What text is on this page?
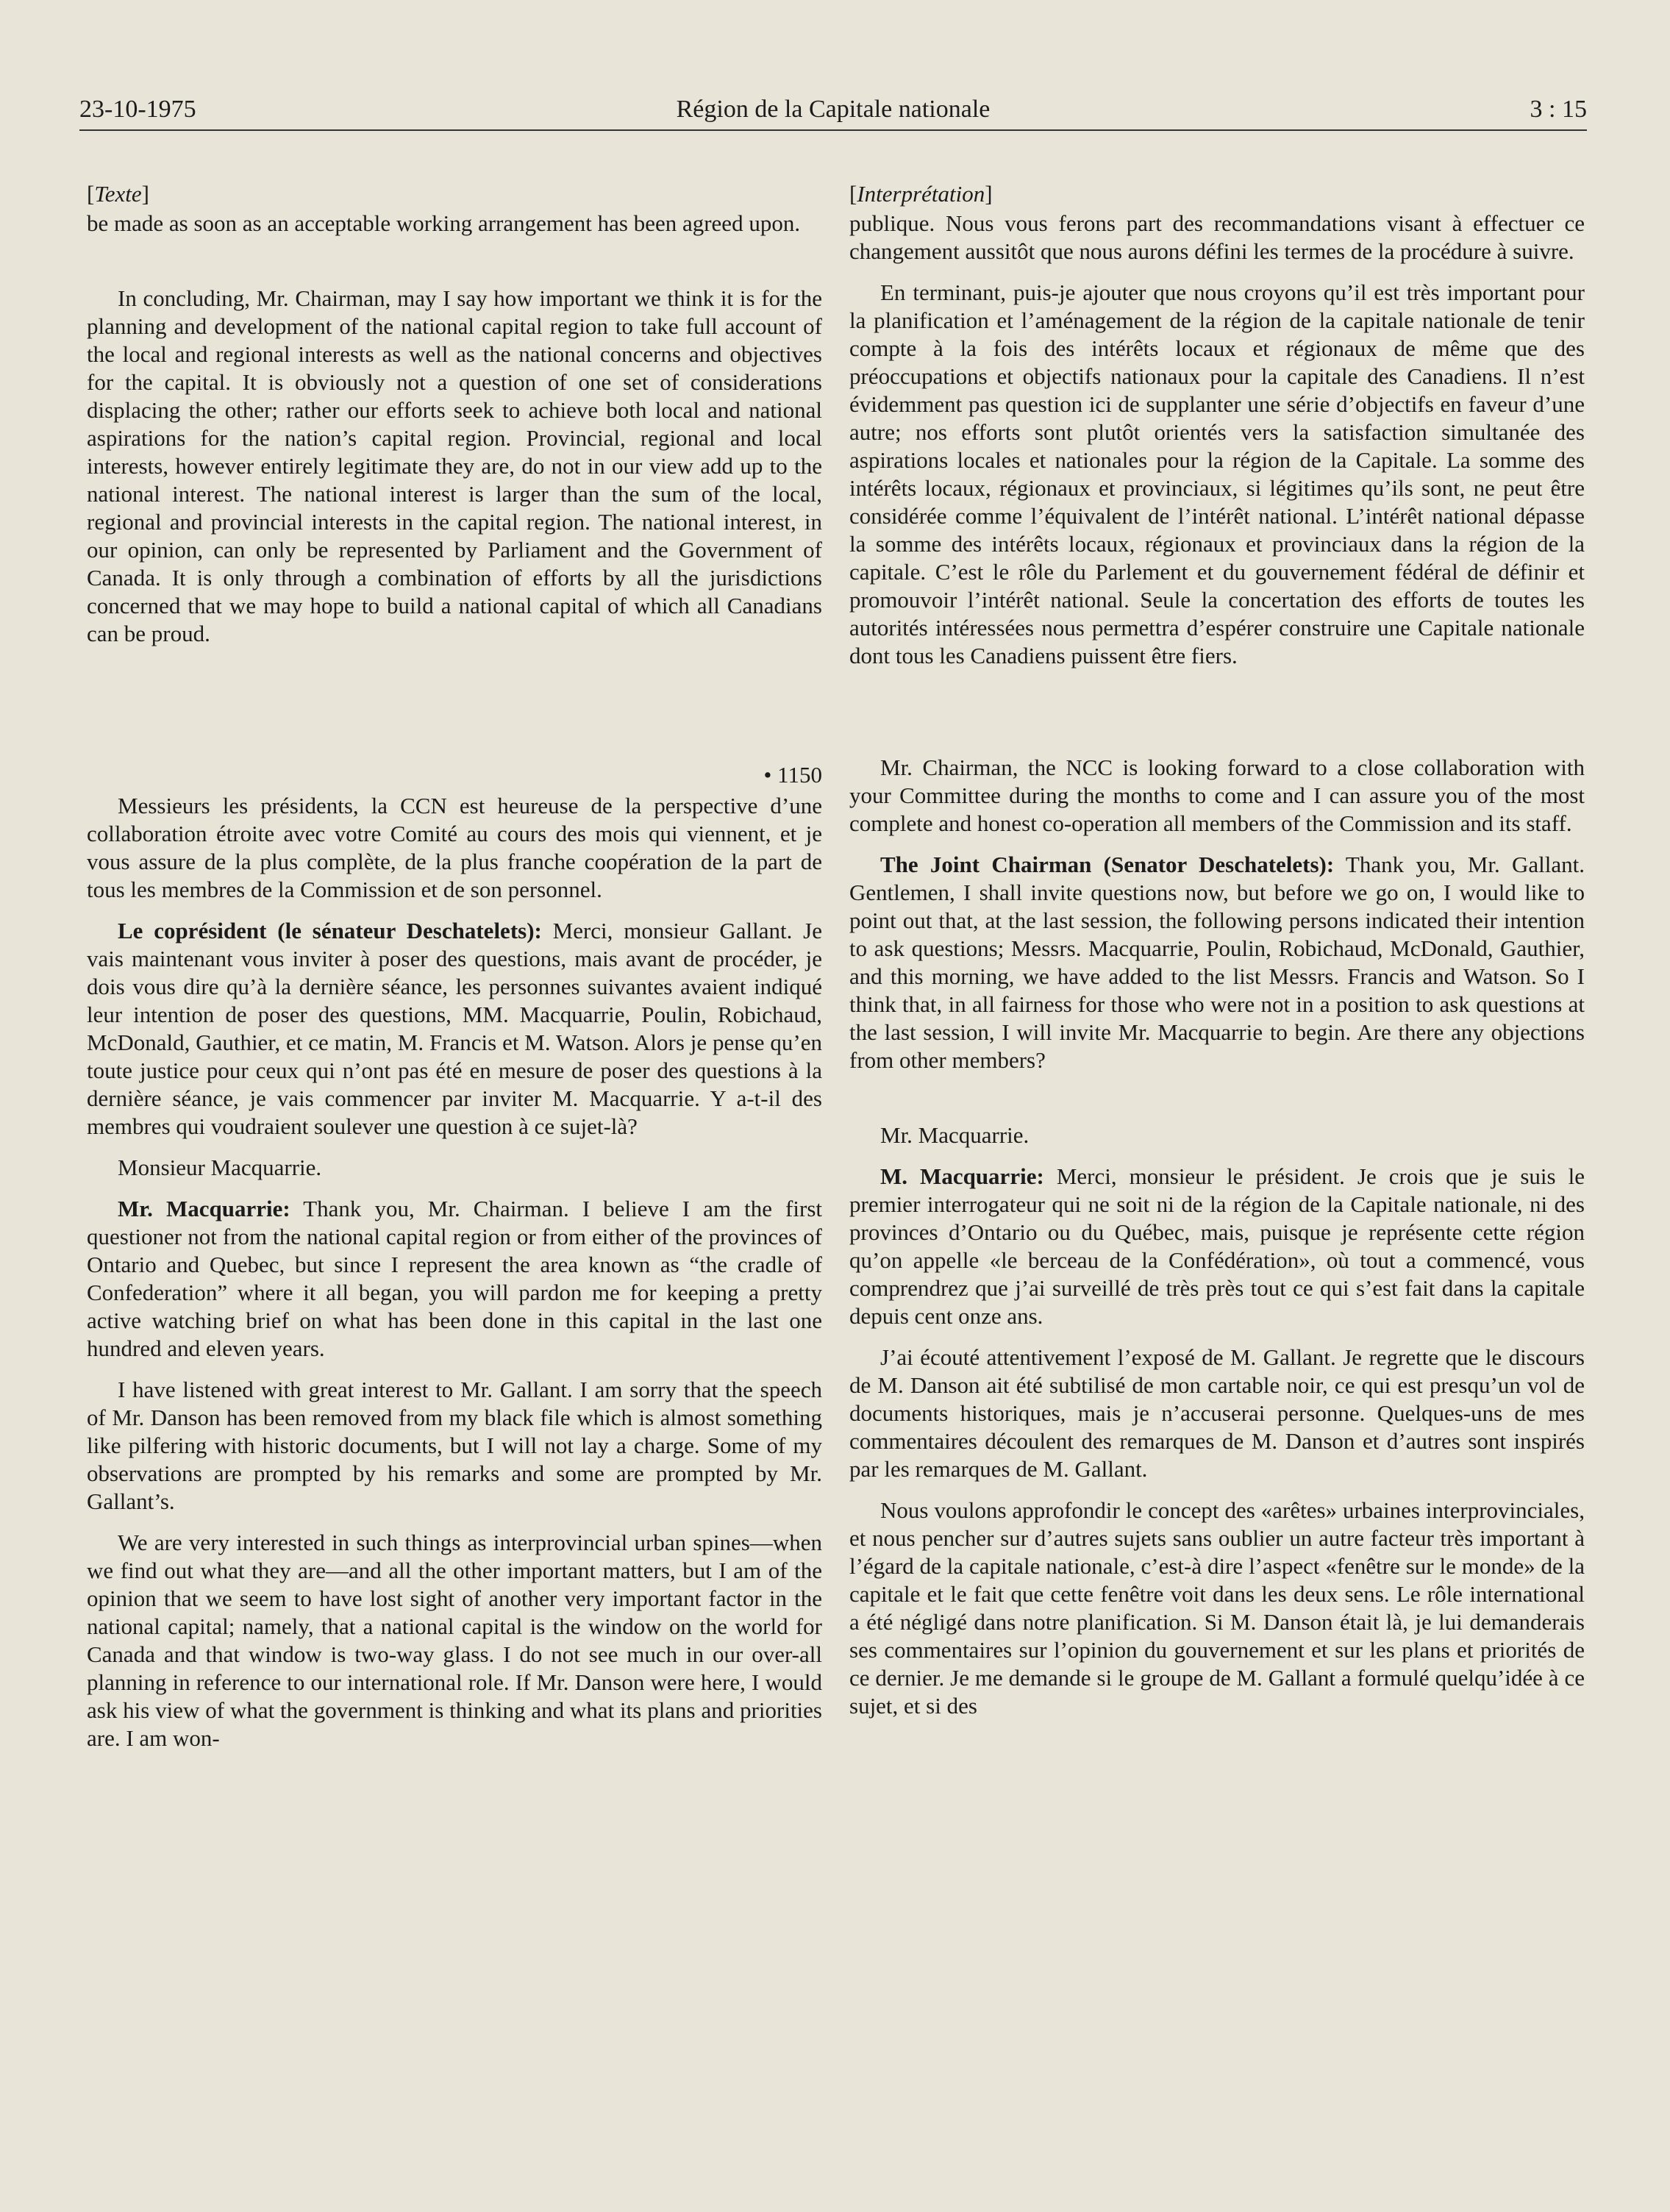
23-10-1975	Région de la Capitale nationale	3 : 15
[Texte]

be made as soon as an acceptable working arrangement has been agreed upon.

In concluding, Mr. Chairman, may I say how important we think it is for the planning and development of the national capital region to take full account of the local and regional interests as well as the national concerns and objectives for the capital. It is obviously not a question of one set of considerations displacing the other; rather our efforts seek to achieve both local and national aspirations for the nation’s capital region. Provincial, regional and local interests, however entirely legitimate they are, do not in our view add up to the national interest. The national interest is larger than the sum of the local, regional and provincial interests in the capital region. The national interest, in our opinion, can only be represented by Parliament and the Government of Canada. It is only through a combination of efforts by all the jurisdictions concerned that we may hope to build a national capital of which all Canadians can be proud.

• 1150

Messieurs les présidents, la CCN est heureuse de la perspective d’une collaboration étroite avec votre Comité au cours des mois qui viennent, et je vous assure de la plus complète, de la plus franche coopération de la part de tous les membres de la Commission et de son personnel.

Le coprésident (le sénateur Deschatelets): Merci, monsieur Gallant. Je vais maintenant vous inviter à poser des questions, mais avant de procéder, je dois vous dire qu’à la dernière séance, les personnes suivantes avaient indiqué leur intention de poser des questions, MM. Macquarrie, Poulin, Robichaud, McDonald, Gauthier, et ce matin, M. Francis et M. Watson. Alors je pense qu’en toute justice pour ceux qui n’ont pas été en mesure de poser des questions à la dernière séance, je vais commencer par inviter M. Macquarrie. Y a-t-il des membres qui voudraient soulever une question à ce sujet-là?

Monsieur Macquarrie.

Mr. Macquarrie: Thank you, Mr. Chairman. I believe I am the first questioner not from the national capital region or from either of the provinces of Ontario and Quebec, but since I represent the area known as “the cradle of Confederation” where it all began, you will pardon me for keeping a pretty active watching brief on what has been done in this capital in the last one hundred and eleven years.

I have listened with great interest to Mr. Gallant. I am sorry that the speech of Mr. Danson has been removed from my black file which is almost something like pilfering with historic documents, but I will not lay a charge. Some of my observations are prompted by his remarks and some are prompted by Mr. Gallant’s.

We are very interested in such things as interprovincial urban spines—when we find out what they are—and all the other important matters, but I am of the opinion that we seem to have lost sight of another very important factor in the national capital; namely, that a national capital is the window on the world for Canada and that window is two-way glass. I do not see much in our over-all planning in reference to our international role. If Mr. Danson were here, I would ask his view of what the government is thinking and what its plans and priorities are. I am won-

[Interprétation]

publique. Nous vous ferons part des recommandations visant à effectuer ce changement aussitôt que nous aurons défini les termes de la procédure à suivre.

En terminant, puis-je ajouter que nous croyons qu’il est très important pour la planification et l’aménagement de la région de la capitale nationale de tenir compte à la fois des intérêts locaux et régionaux de même que des préoccupations et objectifs nationaux pour la capitale des Canadiens. Il n’est évidemment pas question ici de supplanter une série d’objectifs en faveur d’une autre; nos efforts sont plutôt orientés vers la satisfaction simultanée des aspirations locales et nationales pour la région de la Capitale. La somme des intérêts locaux, régionaux et provinciaux, si légitimes qu’ils sont, ne peut être considérée comme l’équivalent de l’intérêt national. L’intérêt national dépasse la somme des intérêts locaux, régionaux et provinciaux dans la région de la capitale. C’est le rôle du Parlement et du gouvernement fédéral de définir et promouvoir l’intérêt national. Seule la concertation des efforts de toutes les autorités intéressées nous permettra d’espérer construire une Capitale nationale dont tous les Canadiens puissent être fiers.

Mr. Chairman, the NCC is looking forward to a close collaboration with your Committee during the months to come and I can assure you of the most complete and honest co-operation all members of the Commission and its staff.

The Joint Chairman (Senator Deschatelets): Thank you, Mr. Gallant. Gentlemen, I shall invite questions now, but before we go on, I would like to point out that, at the last session, the following persons indicated their intention to ask questions; Messrs. Macquarrie, Poulin, Robichaud, McDonald, Gauthier, and this morning, we have added to the list Messrs. Francis and Watson. So I think that, in all fairness for those who were not in a position to ask questions at the last session, I will invite Mr. Macquarrie to begin. Are there any objections from other members?

Mr. Macquarrie.

M. Macquarrie: Merci, monsieur le président. Je crois que je suis le premier interrogateur qui ne soit ni de la région de la Capitale nationale, ni des provinces d’Ontario ou du Québec, mais, puisque je représente cette région qu’on appelle «le berceau de la Confédération», où tout a commencé, vous comprendrez que j’ai surveillé de très près tout ce qui s’est fait dans la capitale depuis cent onze ans.

J’ai écouté attentivement l’exposé de M. Gallant. Je regrette que le discours de M. Danson ait été subtilisé de mon cartable noir, ce qui est presqu’un vol de documents historiques, mais je n’accuserai personne. Quelques-uns de mes commentaires découlent des remarques de M. Danson et d’autres sont inspirés par les remarques de M. Gallant.

Nous voulons approfondir le concept des «arêtes» urbaines interprovinciales, et nous pencher sur d’autres sujets sans oublier un autre facteur très important à l’égard de la capitale nationale, c’est-à dire l’aspect «fenêtre sur le monde» de la capitale et le fait que cette fenêtre voit dans les deux sens. Le rôle international a été négligé dans notre planification. Si M. Danson était là, je lui demanderais ses commentaires sur l’opinion du gouvernement et sur les plans et priorités de ce dernier. Je me demande si le groupe de M. Gallant a formulé quelqu’idée à ce sujet, et si des
